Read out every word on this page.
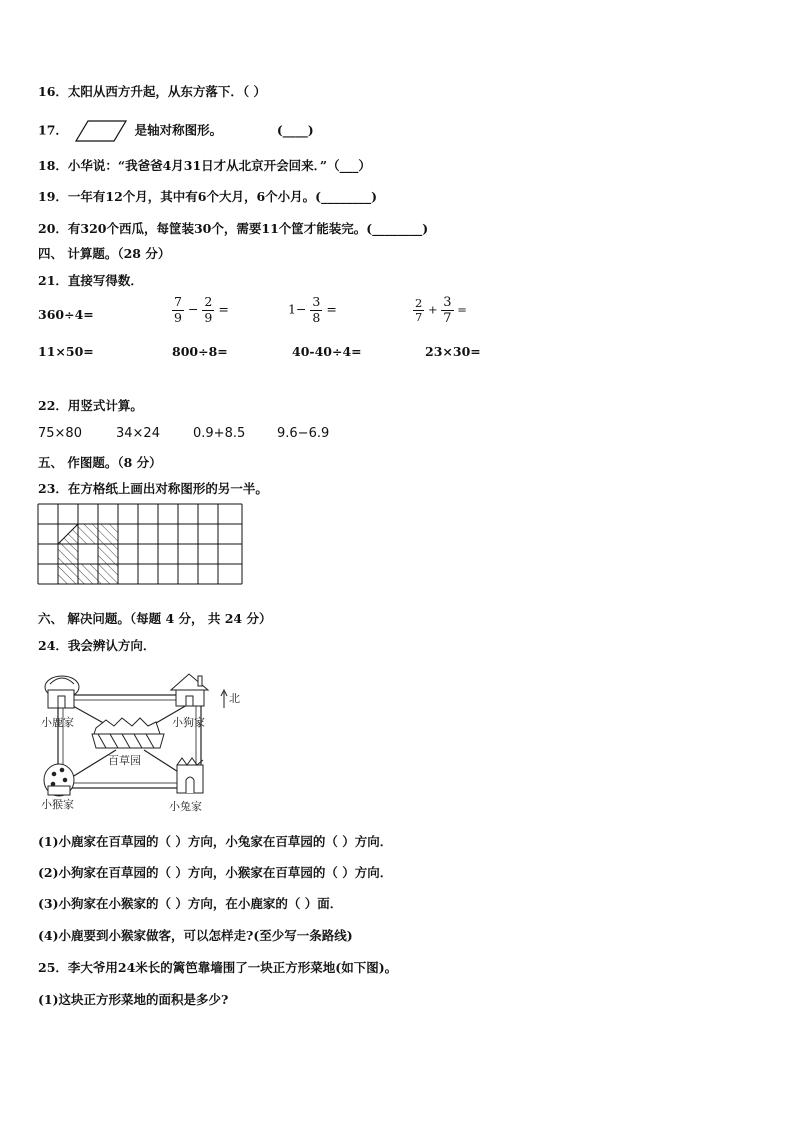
16．太阳从西方升起，从东方落下．（ ）
17．	是轴对称图形。	(____)
18．小华说：“我爸爸4月31日才从北京开会回来．”（___）
19．一年有12个月，其中有6个大月，6个小月。(________)
20．有320个西瓜，每筐装30个，需要11个筐才能装完。(________)
四、 计算题。（28 分）
21．直接写得数．
360÷4=	$\frac{7}{9} - \frac{2}{9}$ =	$1- \frac{3}{8}$ =	$\frac{2}{7} + \frac{3}{7}$ =
11×50=	800÷8=	40-40÷4=	23×30=
22．用竖式计算。
75×80	34×24	0.9+8.5 9.6−6.9
五、 作图题。（8 分）
23．在方格纸上画出对称图形的另一半。
六、 解决问题。（每题 4 分， 共 24 分）
24．我会辨认方向．
小鹿家	小狗家
小猴家	小兔家
百草园
北
(1)小鹿家在百草园的（ ）方向，小兔家在百草园的（ ）方向．
(2)小狗家在百草园的（ ）方向，小猴家在百草园的（ ）方向．
(3)小狗家在小猴家的（ ）方向，在小鹿家的（ ）面．
(4)小鹿要到小猴家做客，可以怎样走?(至少写一条路线)
25．李大爷用24米长的篱笆靠墙围了一块正方形菜地(如下图)。
(1)这块正方形菜地的面积是多少?
